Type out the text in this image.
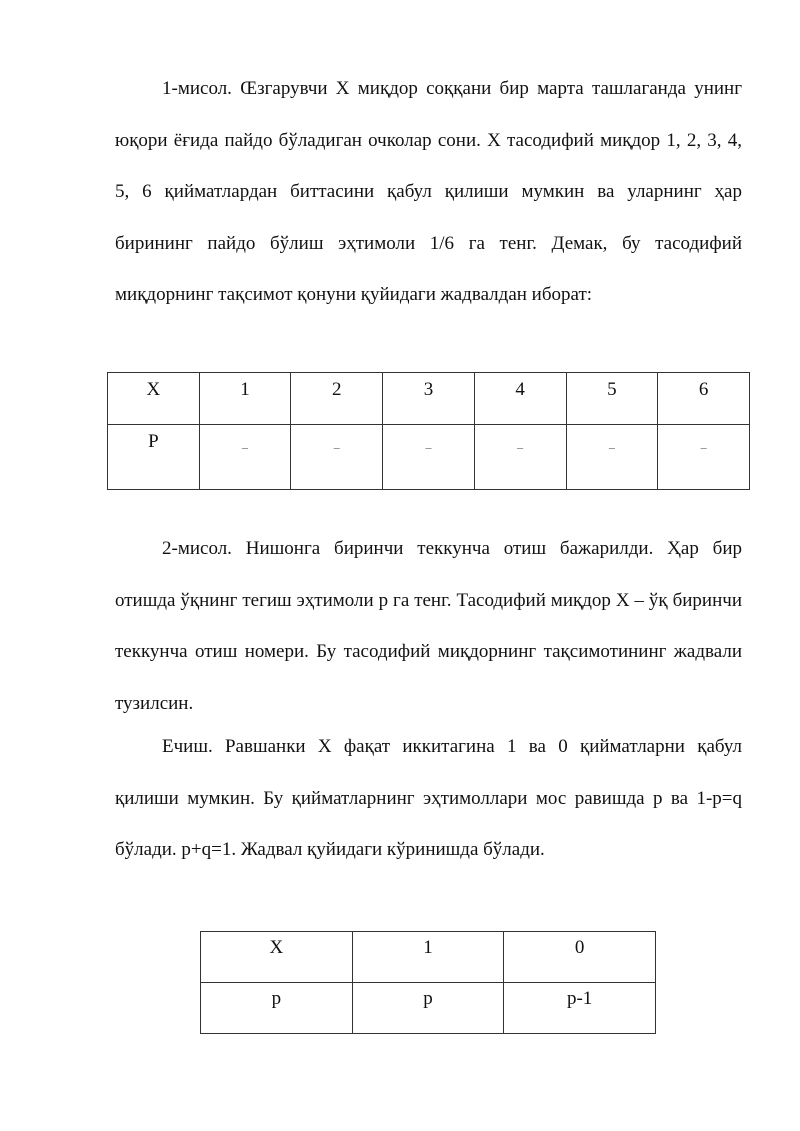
1-мисол. Œзгарувчи X миқдор соққани бир марта ташлаганда унинг юқори ёғида пайдо бўладиган очколар сони. X тасодифий миқдор 1, 2, 3, 4, 5, 6 қийматлардан биттасини қабул қилиши мумкин ва уларнинг ҳар бирининг пайдо бўлиш эҳтимоли 1/6 га тенг. Демак, бу тасодифий миқдорнинг тақсимот қонуни қуйидаги жадвалдан иборат:

X	1	2	3	4	5	6
P	–	–	–	–	–	–

2-мисол. Нишонга биринчи теккунча отиш бажарилди. Ҳар бир отишда ўқнинг тегиш эҳтимоли p га тенг. Тасодифий миқдор X – ўқ биринчи теккунча отиш номери. Бу тасодифий миқдорнинг тақсимотининг жадвали тузилсин.

Ечиш. Равшанки X фақат иккитагина 1 ва 0 қийматларни қабул қилиши мумкин. Бу қийматларнинг эҳтимоллари мос равишда p ва 1-p=q бўлади. p+q=1. Жадвал қуйидаги кўринишда бўлади.

X	1	0
p	p	p-1
